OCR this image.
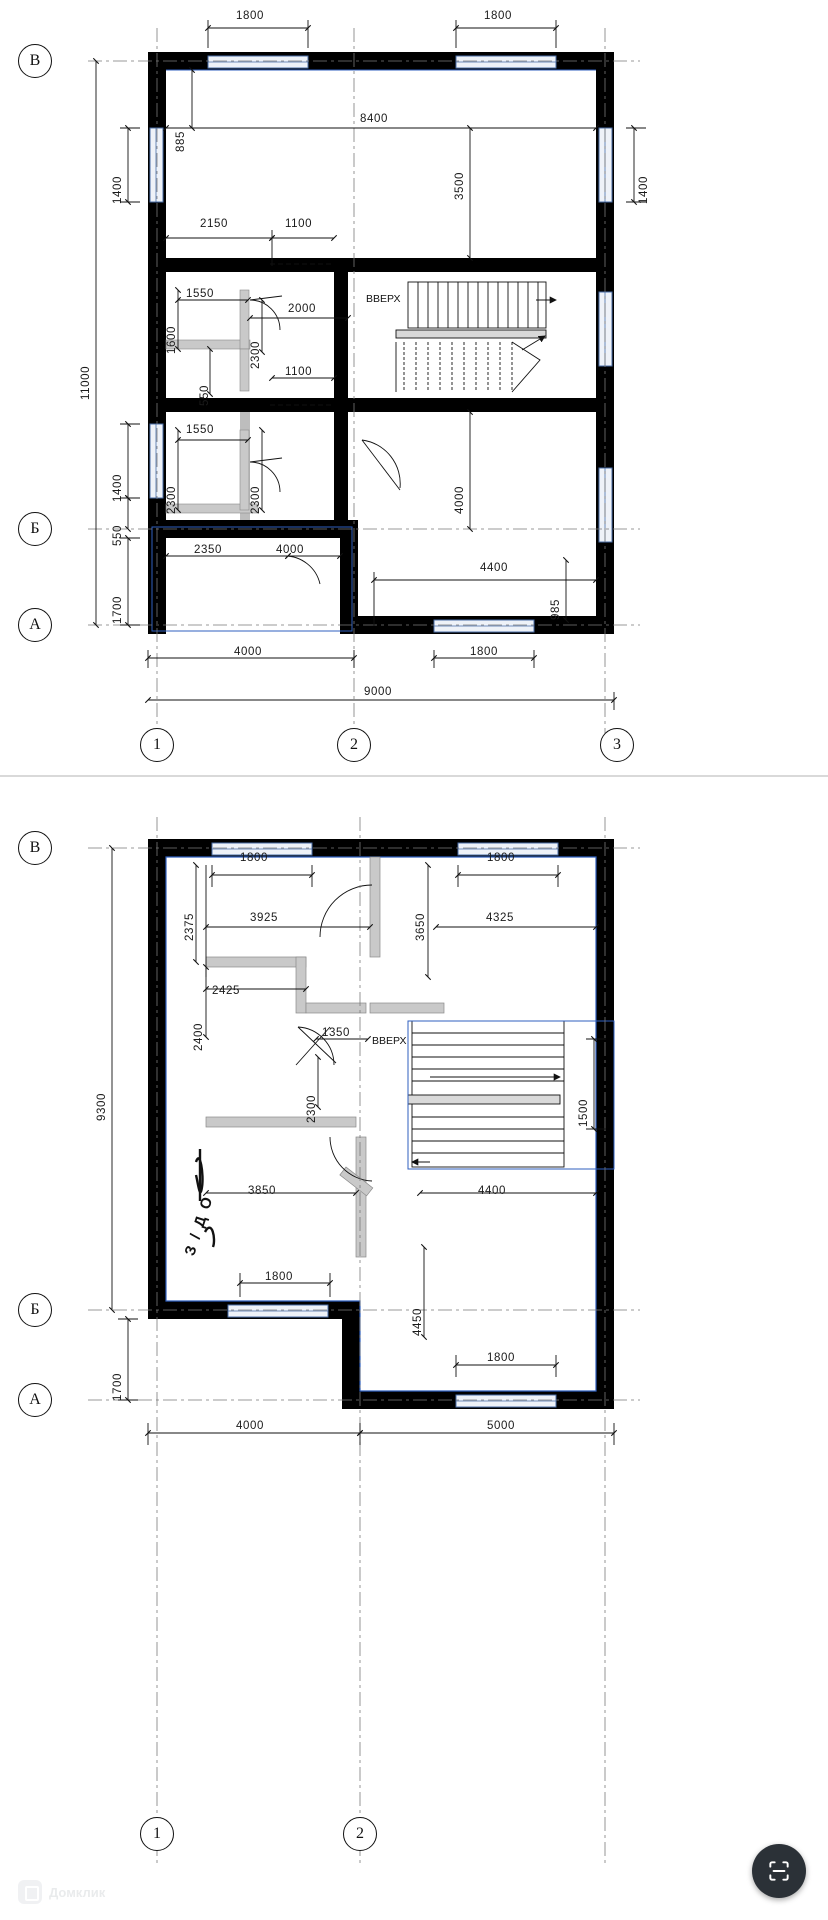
В
Б
А
1	2	3
1800	1800
885
8400
3500
1400
11000
1400
550
1700
1400
985
2150	1100
1550
1600
2000
2300
550
1100
1550
2300	2300	4000
2350	4000
4400
4000	1800
9000
ВВЕРХ
В
Б
А
1	2
1800	1800
2375	3925	3650	4325
2425
2400	1350
2300
3850	4400
1800
4450
9300
1700
1500
1800
4000	5000
ВВЕРХ
З / Д О
Домклик
